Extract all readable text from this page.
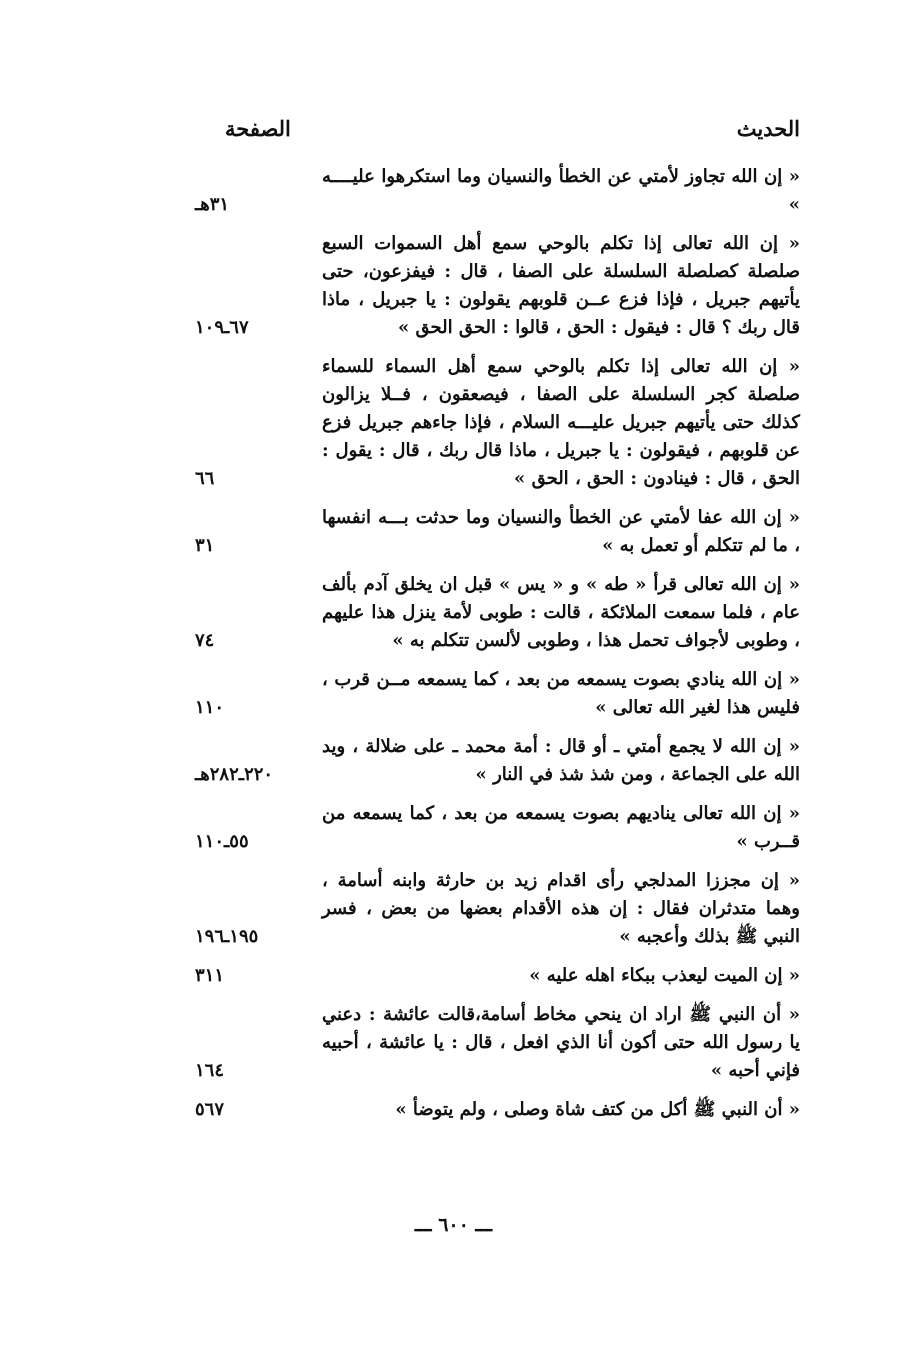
الحديث
الصفحة
« إن الله تجاوز لأمتي عن الخطأ والنسيان وما استكرهوا عليــــه »
٣١هـ
« إن الله تعالى إذا تكلم بالوحي سمع أهل السموات السبع صلصلة كصلصلة السلسلة على الصفا ، قال : فيفزعون، حتى يأتيهم جبريل ، فإذا فزع عــن قلوبهم يقولون : يا جبريل ، ماذا قال ربك ؟ قال : فيقول : الحق ، قالوا : الحق الحق »
٦٧ـ١٠٩
« إن الله تعالى إذا تكلم بالوحي سمع أهل السماء للسماء صلصلة كجر السلسلة على الصفا ، فيصعقون ، فــلا يزالون كذلك حتى يأتيهم جبريل عليـــه السلام ، فإذا جاءهم جبريل فزع عن قلوبهم ، فيقولون : يا جبريل ، ماذا قال ربك ، قال : يقول : الحق ، قال : فينادون : الحق ، الحق »
٦٦
« إن الله عفا لأمتي عن الخطأ والنسيان وما حدثت بـــه انفسها ، ما لم تتكلم أو تعمل به »
٣١
« إن الله تعالى قرأ « طه » و « يس » قبل ان يخلق آدم بألف عام ، فلما سمعت الملائكة ، قالت : طوبى لأمة ينزل هذا عليهم ، وطوبى لأجواف تحمل هذا ، وطوبى لألسن تتكلم به »
٧٤
« إن الله ينادي بصوت يسمعه من بعد ، كما يسمعه مــن قرب ، فليس هذا لغير الله تعالى »
١١٠
« إن الله لا يجمع أمتي ـ أو قال : أمة محمد ـ على ضلالة ، ويد الله على الجماعة ، ومن شذ شذ في النار »
٢٢٠ـ٢٨٢هـ
« إن الله تعالى يناديهم بصوت يسمعه من بعد ، كما يسمعه من قــرب »
٥٥ـ١١٠
« إن مجززا المدلجي رأى اقدام زيد بن حارثة وابنه أسامة ، وهما متدثران فقال : إن هذه الأقدام بعضها من بعض ، فسر النبي ﷺ بذلك وأعجبه »
١٩٥ـ١٩٦
« إن الميت ليعذب ببكاء اهله عليه »
٣١١
« أن النبي ﷺ اراد ان ينحي مخاط أسامة،قالت عائشة : دعني يا رسول الله حتى أكون أنا الذي افعل ، قال : يا عائشة ، أحبيه فإني أحبه »
١٦٤
« أن النبي ﷺ أكل من كتف شاة وصلى ، ولم يتوضأ »
٥٦٧
ـــ ٦٠٠ ـــ
